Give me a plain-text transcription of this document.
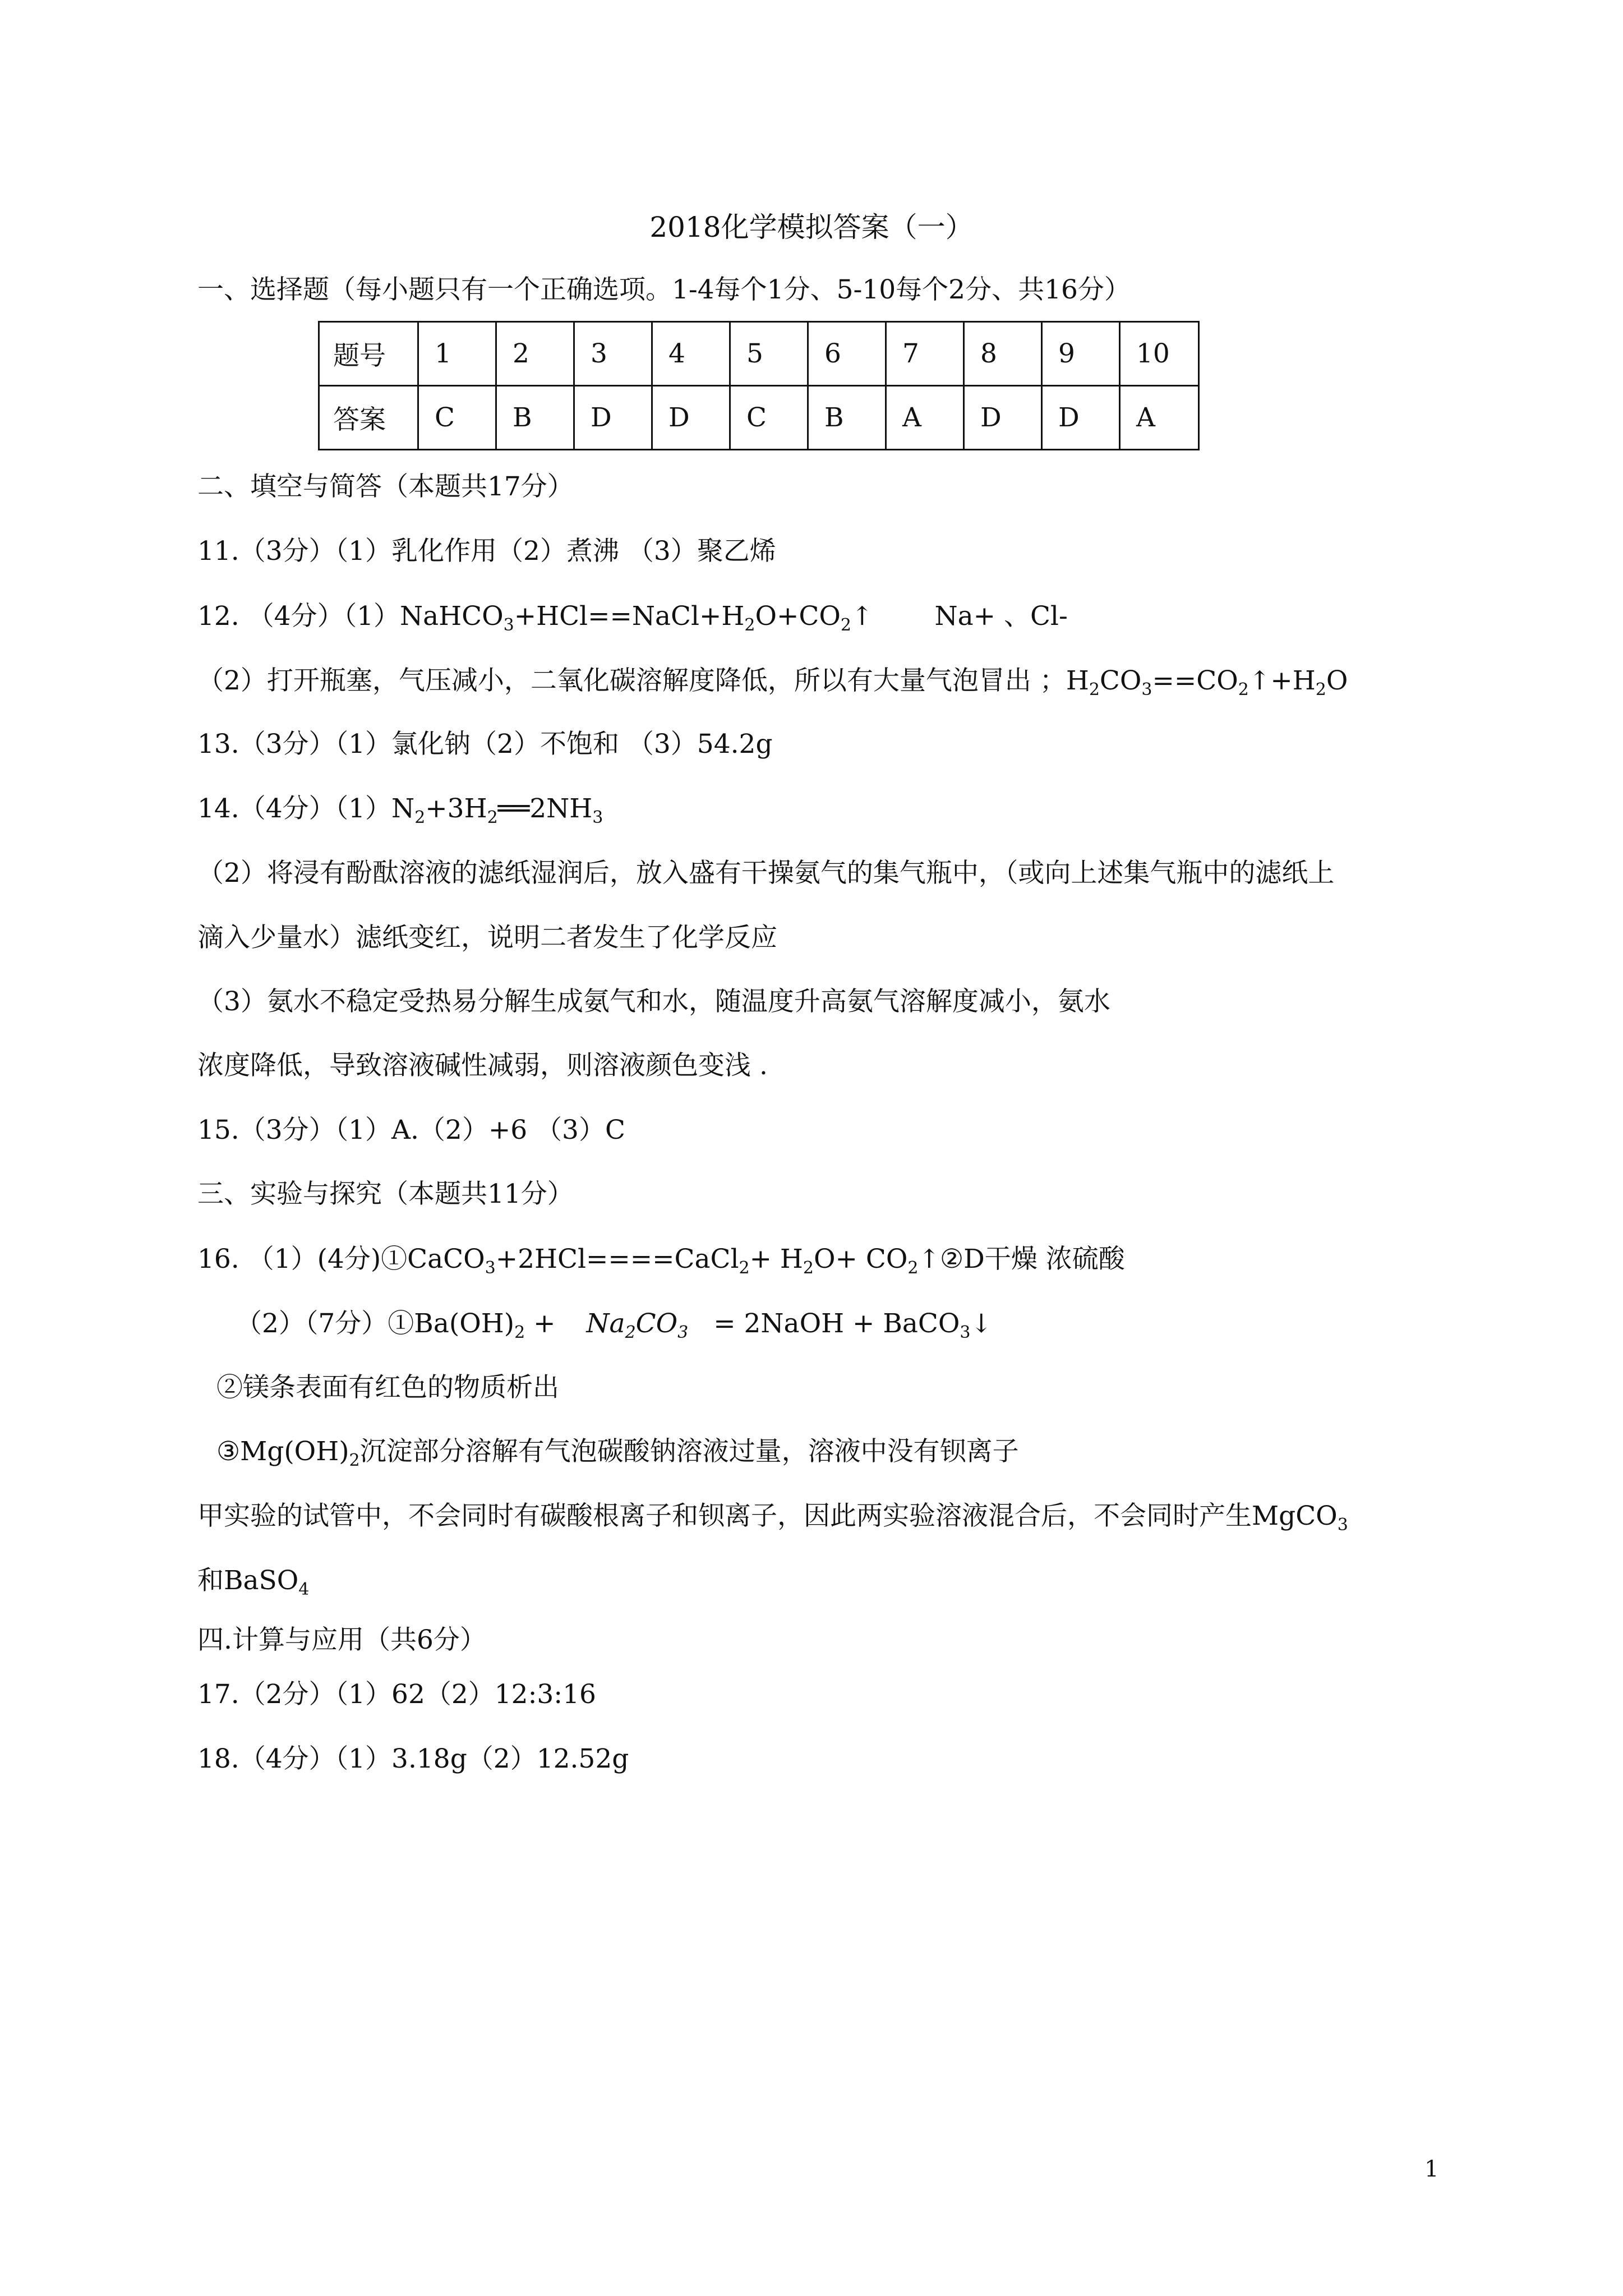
2018化学模拟答案（一）

一、选择题（每小题只有一个正确选项。1-4每个1分、5-10每个2分、共16分）

题号	1	2	3	4	5	6	7	8	9	10
答案	C	B	D	D	C	B	A	D	D	A

二、填空与简答（本题共17分）

11.（3分）（1）乳化作用（2）煮沸 （3）聚乙烯

12. （4分）$(1)NaHCO_3+HCl==NaCl+H_2O+CO_2↑$ Na+ 、Cl-

（2）打开瓶塞，气压减小，二氧化碳溶解度降低，所以有大量气泡冒出 ；$H_2CO_3==CO_2↑+H_2O$

13.（3分）（1）氯化钠（2）不饱和 （3）54.2g

14.（4分）$(1)N_2+3H_2══2NH_3$

（2）将浸有酚酞溶液的滤纸湿润后，放入盛有干操氨气的集气瓶中，（或向上述集气瓶中的滤纸上

滴入少量水）滤纸变红，说明二者发生了化学反应

（3）氨水不稳定受热易分解生成氨气和水，随温度升高氨气溶解度减小，氨水

浓度降低，导致溶液碱性减弱，则溶液颜色变浅 .

15.（3分）（1）A.（2）+6 （3）C

三、实验与探究（本题共11分）

16. （1）(4分)①CaCO$_3$+2HCl====CaCl$_2$+ $H_2O+$ $CO_2↑②D$干燥 浓硫酸

（2）（7分）$①Ba(OH)_2 + Na_2CO_3$ = 2NaOH + BaCO$_3$↓

②镁条表面有红色的物质析出

$③Mg(OH)_2$沉淀部分溶解有气泡碳酸钠溶液过量，溶液中没有钡离子

甲实验的试管中，不会同时有碳酸根离子和钡离子，因此两实验溶液混合后，不会同时产生MgCO$_3$

和BaSO$_4$

四.计算与应用（共6分）

17.（2分）（1）62（2）12:3:16

18.（4分）（1）3.18g（2）12.52g

1
